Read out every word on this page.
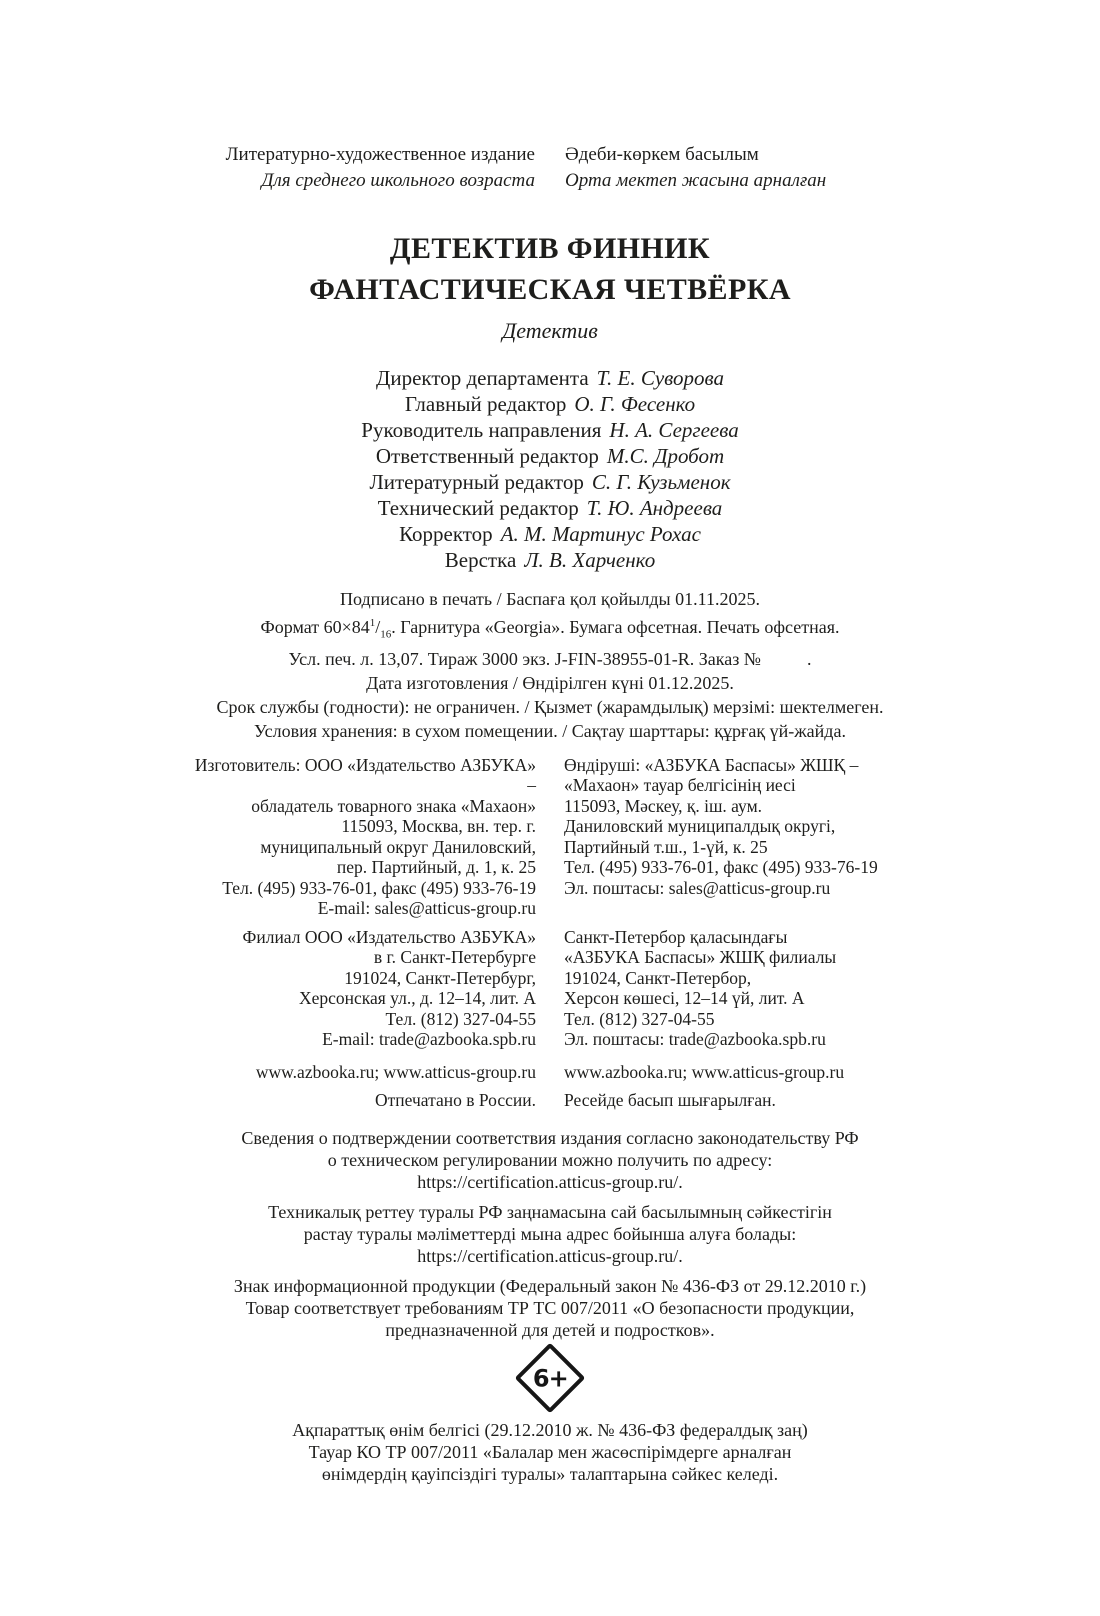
Литературно-художественное издание
Для среднего школьного возраста
Әдеби-көркем басылым
Орта мектеп жасына арналған
ДЕТЕКТИВ ФИННИК
ФАНТАСТИЧЕСКАЯ ЧЕТВЁРКА
Детектив
Директор департамента Т. Е. Суворова
Главный редактор О. Г. Фесенко
Руководитель направления Н. А. Сергеева
Ответственный редактор М.С. Дробот
Литературный редактор С. Г. Кузьменок
Технический редактор Т. Ю. Андреева
Корректор А. М. Мартинус Рохас
Верстка Л. В. Харченко
Подписано в печать / Баспаға қол қойылды 01.11.2025.
Формат $60\times 84^1/_{16}$. Гарнитура «Georgia». Бумага офсетная. Печать офсетная.
Усл. печ. л. 13,07. Тираж 3000 экз. J-FIN-38955-01-R. Заказ №	.
Дата изготовления / Өндірілген күні 01.12.2025.
Срок службы (годности): не ограничен. / Қызмет (жарамдылық) мерзімі: шектелмеген.
Условия хранения: в сухом помещении. / Сақтау шарттары: құрғақ үй-жайда.
Изготовитель: ООО «Издательство АЗБУКА» –
обладатель товарного знака «Махаон»
115093, Москва, вн. тер. г.
муниципальный округ Даниловский,
пер. Партийный, д. 1, к. 25
Тел. (495) 933-76-01, факс (495) 933-76-19
E-mail: sales@atticus-group.ru
Өндіруші: «АЗБУКА Баспасы» ЖШҚ –
«Махаон» тауар белгісінің иесі
115093, Мәскеу, қ. іш. аум.
Даниловский муниципалдық округі,
Партийный т.ш., 1-үй, к. 25
Тел. (495) 933-76-01, факс (495) 933-76-19
Эл. поштасы: sales@atticus-group.ru
Филиал ООО «Издательство АЗБУКА»
в г. Санкт-Петербурге
191024, Санкт-Петербург,
Херсонская ул., д. 12–14, лит. А
Тел. (812) 327-04-55
E-mail: trade@azbooka.spb.ru
Санкт-Петербор қаласындағы
«АЗБУКА Баспасы» ЖШҚ филиалы
191024, Санкт-Петербор,
Херсон көшесі, 12–14 үй, лит. А
Тел. (812) 327-04-55
Эл. поштасы: trade@azbooka.spb.ru
www.azbooka.ru; www.atticus-group.ru www.azbooka.ru; www.atticus-group.ru
Отпечатано в России. Ресейде басып шығарылған.
Сведения о подтверждении соответствия издания согласно законодательству РФ
о техническом регулировании можно получить по адресу:
https://certification.atticus-group.ru/.
Техникалық реттеу туралы РФ заңнамасына сай басылымның сәйкестігін
растау туралы мәліметтерді мына адрес бойынша алуға болады:
https://certification.atticus-group.ru/.
Знак информационной продукции (Федеральный закон № 436-ФЗ от 29.12.2010 г.)
Товар соответствует требованиям ТР ТС 007/2011 «О безопасности продукции,
предназначенной для детей и подростков».
6+
Ақпараттық өнім белгісі (29.12.2010 ж. № 436-ФЗ федералдық заң)
Тауар КО ТР 007/2011 «Балалар мен жасөспірімдерге арналған
өнімдердің қауіпсіздігі туралы» талаптарына сәйкес келеді.
